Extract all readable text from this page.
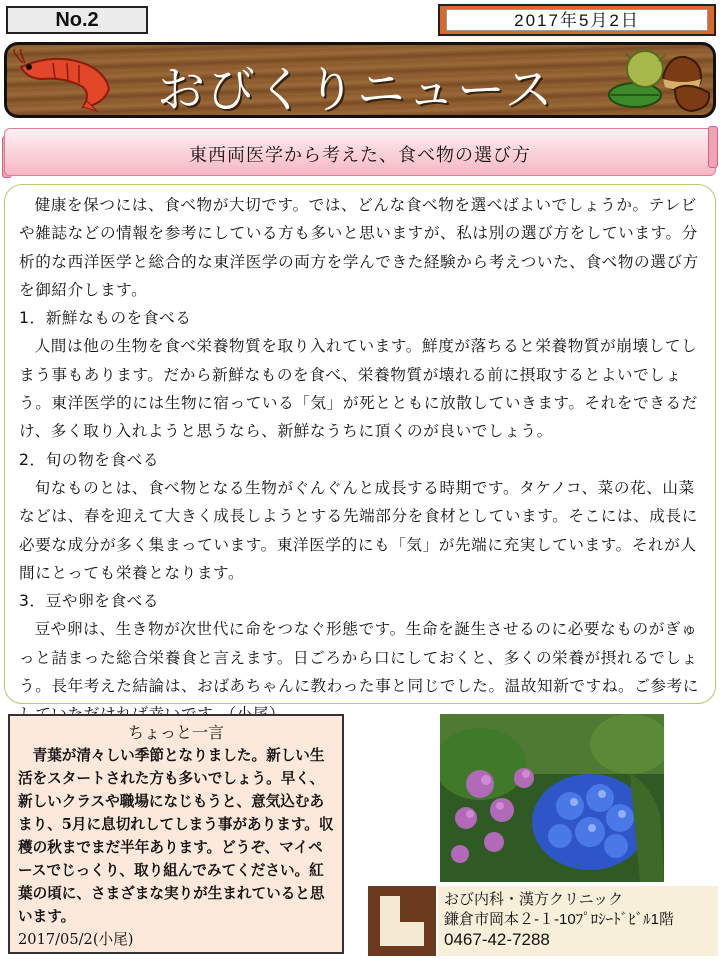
No.2	2017年5月2日
おびくりニュース
東西両医学から考えた、食べ物の選び方

健康を保つには、食べ物が大切です。では、どんな食べ物を選べばよいでしょうか。テレビや雑誌などの情報を参考にしている方も多いと思いますが、私は別の選び方をしています。分析的な西洋医学と総合的な東洋医学の両方を学んできた経験から考えついた、食べ物の選び方を御紹介します。

1．新鮮なものを食べる

人間は他の生物を食べ栄養物質を取り入れています。鮮度が落ちると栄養物質が崩壊してしまう事もあります。だから新鮮なものを食べ、栄養物質が壊れる前に摂取するとよいでしょう。東洋医学的には生物に宿っている「気」が死とともに放散していきます。それをできるだけ、多く取り入れようと思うなら、新鮮なうちに頂くのが良いでしょう。

2．旬の物を食べる

旬なものとは、食べ物となる生物がぐんぐんと成長する時期です。タケノコ、菜の花、山菜などは、春を迎えて大きく成長しようとする先端部分を食材としています。そこには、成長に必要な成分が多く集まっています。東洋医学的にも「気」が先端に充実しています。それが人間にとっても栄養となります。

3．豆や卵を食べる

豆や卵は、生き物が次世代に命をつなぐ形態です。生命を誕生させるのに必要なものがぎゅっと詰まった総合栄養食と言えます。日ごろから口にしておくと、多くの栄養が摂れるでしょう。長年考えた結論は、おばあちゃんに教わった事と同じでした。温故知新ですね。ご参考に

ちょっと一言
青葉が清々しい季節となりました。新しい生活をスタートされた方も多いでしょう。早く、新しいクラスや職場になじもうと、意気込むあまり、5月に息切れしてしまう事があります。収穫の秋までまだ半年あります。どうぞ、マイペースでじっくり、取り組んでみてください。紅葉の頃に、さまざまな実りが生まれていると思います。
2017/05/2(小尾)
おび内科・漢方クリニック
鎌倉市岡本２-１-10ﾌﾟﾛｼｰﾄﾞﾋﾞﾙ1階
0467-42-7288
